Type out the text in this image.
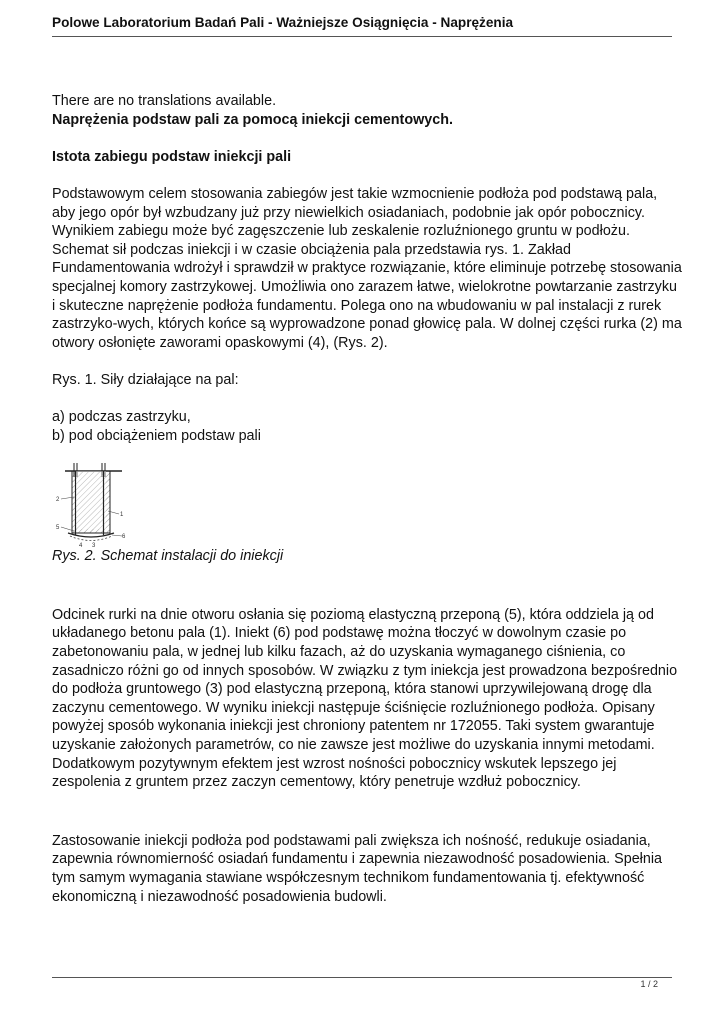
Polowe Laboratorium Badań Pali - Ważniejsze Osiągnięcia - Naprężenia

There are no translations available.

Naprężenia podstaw pali za pomocą iniekcji cementowych.

Istota zabiegu podstaw iniekcji pali

Podstawowym celem stosowania zabiegów jest takie wzmocnienie podłoża pod podstawą pala, aby jego opór był wzbudzany już przy niewielkich osiadaniach, podobnie jak opór pobocznicy. Wynikiem zabiegu może być zagęszczenie lub zeskalenie rozluźnionego gruntu w podłożu. Schemat sił podczas iniekcji i w czasie obciążenia pala przedstawia rys. 1. Zakład Fundamentowania wdrożył i sprawdził w praktyce rozwiązanie, które eliminuje potrzebę stosowania specjalnej komory zastrzykowej. Umożliwia ono zarazem łatwe, wielokrotne powtarzanie zastrzyku i skuteczne naprężenie podłoża fundamentu. Polega ono na wbudowaniu w pal instalacji z rurek zastrzyko-wych, których końce są wyprowadzone ponad głowicę pala. W dolnej części rurka (2) ma otwory osłonięte zaworami opaskowymi (4), (Rys. 2).

Rys. 1. Siły działające na pal:

a) podczas zastrzyku,

b) pod obciążeniem podstaw pali

2
1
5
6
4 3

Rys. 2. Schemat instalacji do iniekcji

Odcinek rurki na dnie otworu osłania się poziomą elastyczną przeponą (5), która oddziela ją od układanego betonu pala (1). Iniekt (6) pod podstawę można tłoczyć w dowolnym czasie po zabetonowaniu pala, w jednej lub kilku fazach, aż do uzyskania wymaganego ciśnienia, co zasadniczo różni go od innych sposobów. W związku z tym iniekcja jest prowadzona bezpośrednio do podłoża gruntowego (3) pod elastyczną przeponą, która stanowi uprzywilejowaną drogę dla zaczynu cementowego. W wyniku iniekcji następuje ściśnięcie rozluźnionego podłoża. Opisany powyżej sposób wykonania iniekcji jest chroniony patentem nr 172055. Taki system gwarantuje uzyskanie założonych parametrów, co nie zawsze jest możliwe do uzyskania innymi metodami. Dodatkowym pozytywnym efektem jest wzrost nośności pobocznicy wskutek lepszego jej zespolenia z gruntem przez zaczyn cementowy, który penetruje wzdłuż pobocznicy.

Zastosowanie iniekcji podłoża pod podstawami pali zwiększa ich nośność, redukuje osiadania, zapewnia równomierność osiadań fundamentu i zapewnia niezawodność posadowienia. Spełnia tym samym wymagania stawiane współczesnym technikom fundamentowania tj. efektywność ekonomiczną i niezawodność posadowienia budowli.

1 / 2
